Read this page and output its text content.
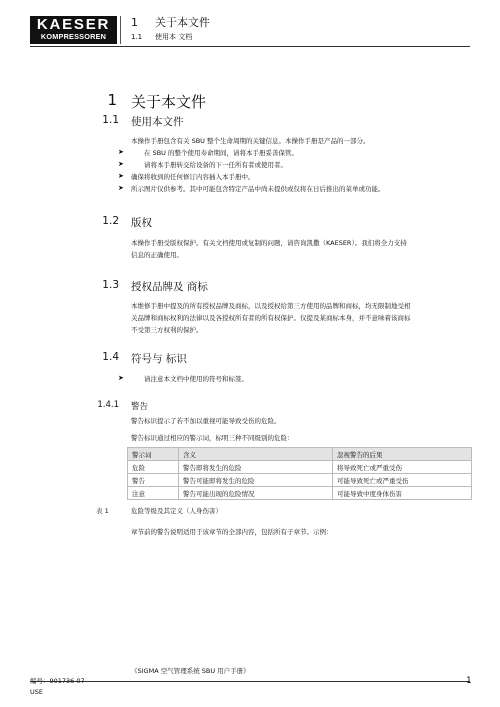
KAESER
KOMPRESSOREN
1 关于本文件
1.1 使用本 文档
1 关于本文件
1.1 使用本文件
本操作手册包含有关 SBU 整个生命周期的关键信息。本操作手册是产品的一部分。
➤	在 SBU 的整个使用寿命期间，请将本手册妥善保管。
➤	请将本手册转交给设备的下一任所有者或使用者。
➤ 确保将收到的任何修订内容插入本手册中。
➤ 所示图片仅供参考。其中可能包含特定产品中尚未提供或仅将在日后推出的菜单或功能。
1.2 版权
本操作手册受版权保护。有关文档使用或复制的问题，请咨询凯撒（KAESER）。我们将全力支持
信息的正确使用。
1.3 授权品牌及 商标
本维修手册中提及的所有授权品牌及商标，以及授权给第三方使用的品牌和商标，均无限制地受相
关品牌和商标权利的法律以及各授权所有者的所有权保护。仅提及某商标本身，并不意味着该商标
不受第三方权利的保护。
1.4 符号与 标识
➤	请注意本文档中使用的符号和标签。
1.4.1 警告
警告标识提示了若不加以重视可能导致受伤的危险。
警告标识通过相应的警示词，标明三种不同级别的危险：
警示词	含义	忽视警告的后果
危险	警告即将发生的危险	将导致死亡或严重受伤
警告	警告可能即将发生的危险	可能导致死亡或严重受伤
注意	警告可能出现的危险情况	可能导致中度身体伤害
表 1	危险等级及其定义（人身伤害）
章节前的警告说明适用于该章节的全部内容，包括所有子章节。示例：
《SIGMA 空气管理系统 SBU 用户手册》
编号：901736 07
USE
1
